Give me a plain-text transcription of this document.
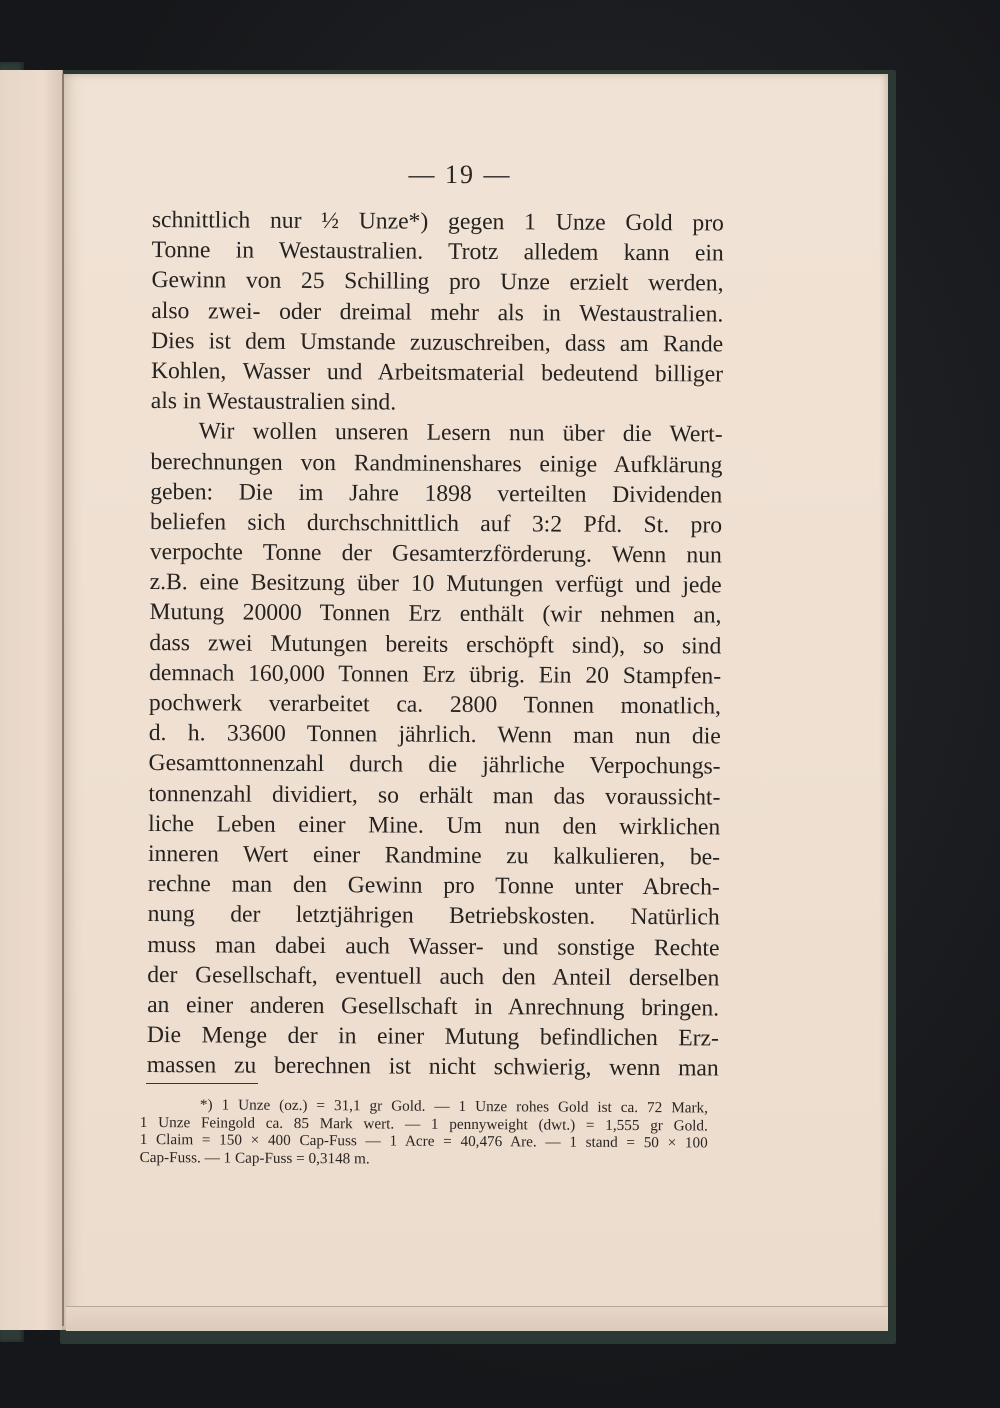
— 19 —
schnittlich nur ½ Unze*) gegen 1 Unze Gold pro
Tonne in Westaustralien. Trotz alledem kann ein
Gewinn von 25 Schilling pro Unze erzielt werden,
also zwei- oder dreimal mehr als in Westaustralien.
Dies ist dem Umstande zuzuschreiben, dass am Rande
Kohlen, Wasser und Arbeitsmaterial bedeutend billiger
als in Westaustralien sind.
Wir wollen unseren Lesern nun über die Wert-
berechnungen von Randminenshares einige Aufklärung
geben: Die im Jahre 1898 verteilten Dividenden
beliefen sich durchschnittlich auf 3:2 Pfd. St. pro
verpochte Tonne der Gesamterzförderung. Wenn nun
z.B. eine Besitzung über 10 Mutungen verfügt und jede
Mutung 20000 Tonnen Erz enthält (wir nehmen an,
dass zwei Mutungen bereits erschöpft sind), so sind
demnach 160,000 Tonnen Erz übrig. Ein 20 Stampfen-
pochwerk verarbeitet ca. 2800 Tonnen monatlich,
d. h. 33600 Tonnen jährlich. Wenn man nun die
Gesamttonnenzahl durch die jährliche Verpochungs-
tonnenzahl dividiert, so erhält man das voraussicht-
liche Leben einer Mine. Um nun den wirklichen
inneren Wert einer Randmine zu kalkulieren, be-
rechne man den Gewinn pro Tonne unter Abrech-
nung der letztjährigen Betriebskosten. Natürlich
muss man dabei auch Wasser- und sonstige Rechte
der Gesellschaft, eventuell auch den Anteil derselben
an einer anderen Gesellschaft in Anrechnung bringen.
Die Menge der in einer Mutung befindlichen Erz-
massen zu berechnen ist nicht schwierig, wenn man
*) 1 Unze (oz.) = 31,1 gr Gold. — 1 Unze rohes Gold ist ca. 72 Mark,
1 Unze Feingold ca. 85 Mark wert. — 1 pennyweight (dwt.) = 1,555 gr Gold.
1 Claim = 150 × 400 Cap-Fuss — 1 Acre = 40,476 Are. — 1 stand = 50 × 100
Cap-Fuss. — 1 Cap-Fuss = 0,3148 m.
